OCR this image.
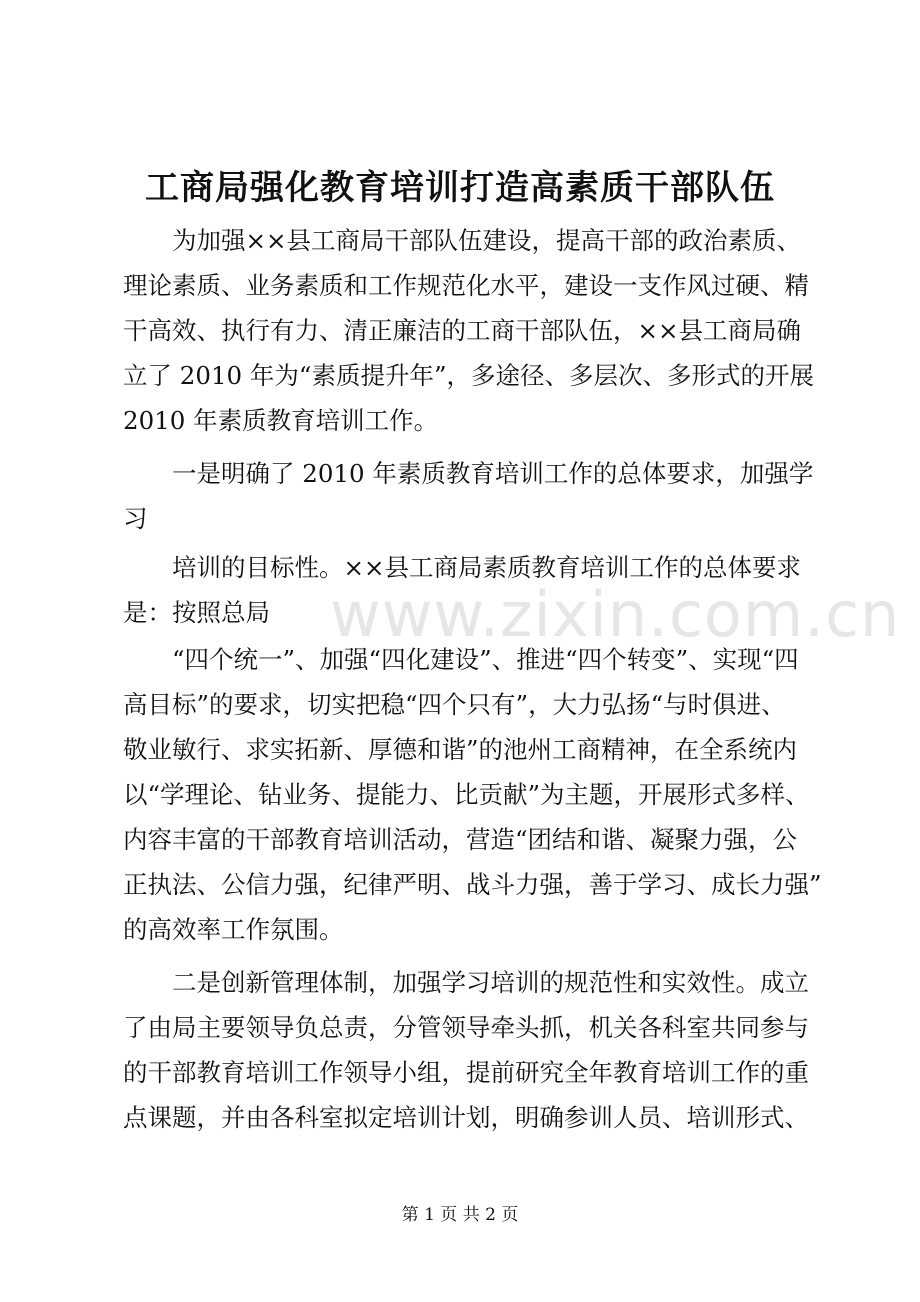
www.zixin.com.cn
工商局强化教育培训打造高素质干部队伍

为加强××县工商局干部队伍建设，提高干部的政治素质、
理论素质、业务素质和工作规范化水平，建设一支作风过硬、精
干高效、执行有力、清正廉洁的工商干部队伍，××县工商局确
立了 2010 年为“素质提升年”，多途径、多层次、多形式的开展
2010 年素质教育培训工作。

一是明确了 2010 年素质教育培训工作的总体要求，加强学
习

培训的目标性。××县工商局素质教育培训工作的总体要求
是：按照总局

“四个统一”、加强“四化建设”、推进“四个转变”、实现“四
高目标”的要求，切实把稳“四个只有”，大力弘扬“与时俱进、
敬业敏行、求实拓新、厚德和谐”的池州工商精神，在全系统内
以“学理论、钻业务、提能力、比贡献”为主题，开展形式多样、
内容丰富的干部教育培训活动，营造“团结和谐、凝聚力强，公
正执法、公信力强，纪律严明、战斗力强，善于学习、成长力强”
的高效率工作氛围。

二是创新管理体制，加强学习培训的规范性和实效性。成立
了由局主要领导负总责，分管领导牵头抓，机关各科室共同参与
的干部教育培训工作领导小组，提前研究全年教育培训工作的重
点课题，并由各科室拟定培训计划，明确参训人员、培训形式、

第 1 页 共 2 页
